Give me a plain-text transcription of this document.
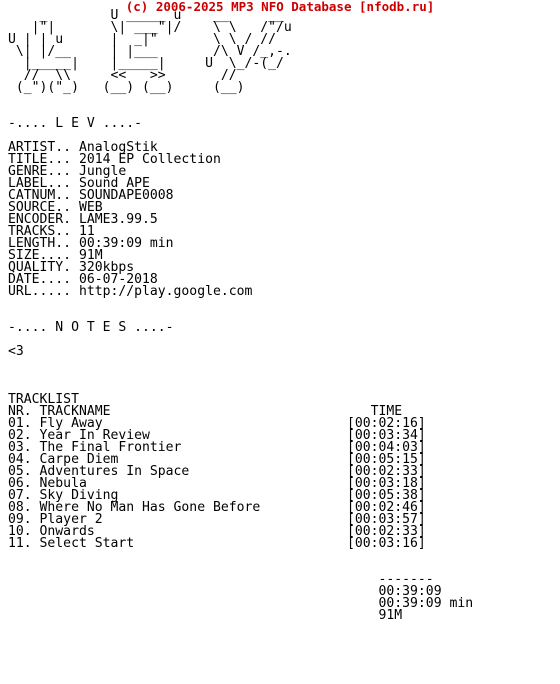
(c) 2006-2025 MP3 NFO Database [nfodb.ru]
_        U _____ u    __     __
|"|       \| ___"|/    \ \   /"/u
U | | u      |  _|"       \ \ / //
\| |/__     | |___       /\ V /_,-.
|_____|    |_____|     U  \_/-(_/
//  \\     <<   >>       //
(_")("_)   (__) (__)     (__)
-.... L E V ....-
ARTIST.. AnalogStik
TITLE... 2014 EP Collection
GENRE... Jungle
LABEL... Sound APE
CATNUM.. SOUNDAPE0008
SOURCE.. WEB
ENCODER. LAME3.99.5
TRACKS.. 11
LENGTH.. 00:39:09 min
SIZE.... 91M
QUALITY. 320kbps
DATE.... 06-07-2018
URL..... http://play.google.com
-.... N O T E S ....-
<3
TRACKLIST
NR. TRACKNAME                                 TIME
01. Fly Away                               [00:02:16]
02. Year In Review                         [00:03:34]
03. The Final Frontier                     [00:04:03]
04. Carpe Diem                             [00:05:15]
05. Adventures In Space                    [00:02:33]
06. Nebula                                 [00:03:18]
07. Sky Diving                             [00:05:38]
08. Where No Man Has Gone Before           [00:02:46]
09. Player 2                               [00:03:57]
10. Onwards                                [00:02:33]
11. Select Start                           [00:03:16]
-------
00:39:09
00:39:09 min
91M
